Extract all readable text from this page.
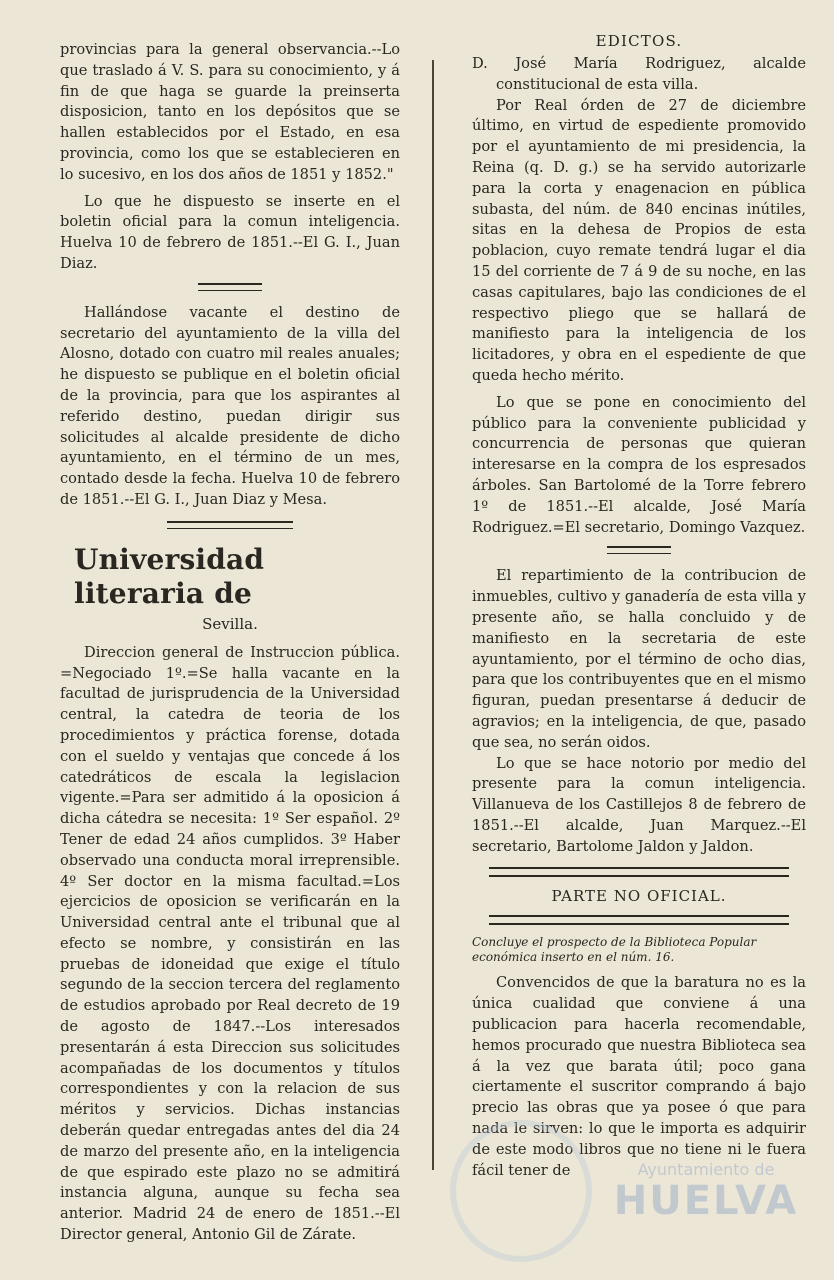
provincias para la general observancia.--Lo que traslado á V. S. para su conocimiento, y á fin de que haga se guarde la preinserta disposicion, tanto en los depósitos que se hallen establecidos por el Estado, en esa provincia, como los que se establecieren en lo sucesivo, en los dos años de 1851 y 1852."

Lo que he dispuesto se inserte en el boletin oficial para la comun inteligencia. Huelva 10 de febrero de 1851.--El G. I., Juan Diaz.

Hallándose vacante el destino de secretario del ayuntamiento de la villa del Alosno, dotado con cuatro mil reales anuales; he dispuesto se publique en el boletin oficial de la provincia, para que los aspirantes al referido destino, puedan dirigir sus solicitudes al alcalde presidente de dicho ayuntamiento, en el término de un mes, contado desde la fecha. Huelva 10 de febrero de 1851.--El G. I., Juan Diaz y Mesa.

Universidad literaria de
Sevilla.

Direccion general de Instruccion pública. =Negociado 1º.=Se halla vacante en la facultad de jurisprudencia de la Universidad central, la catedra de teoria de los procedimientos y práctica forense, dotada con el sueldo y ventajas que concede á los catedráticos de escala la legislacion vigente.=Para ser admitido á la oposicion á dicha cátedra se necesita: 1º Ser español. 2º Tener de edad 24 años cumplidos. 3º Haber observado una conducta moral irreprensible. 4º Ser doctor en la misma facultad.=Los ejercicios de oposicion se verificarán en la Universidad central ante el tribunal que al efecto se nombre, y consistirán en las pruebas de idoneidad que exige el título segundo de la seccion tercera del reglamento de estudios aprobado por Real decreto de 19 de agosto de 1847.--Los interesados presentarán á esta Direccion sus solicitudes acompañadas de los documentos y títulos correspondientes y con la relacion de sus méritos y servicios. Dichas instancias deberán quedar entregadas antes del dia 24 de marzo del presente año, en la inteligencia de que espirado este plazo no se admitirá instancia alguna, aunque su fecha sea anterior. Madrid 24 de enero de 1851.--El Director general, Antonio Gil de Zárate.

EDICTOS.

D. José María Rodriguez, alcalde constitucional de esta villa.

Por Real órden de 27 de diciembre último, en virtud de espediente promovido por el ayuntamiento de mi presidencia, la Reina (q. D. g.) se ha servido autorizarle para la corta y enagenacion en pública subasta, del núm. de 840 encinas inútiles, sitas en la dehesa de Propios de esta poblacion, cuyo remate tendrá lugar el dia 15 del corriente de 7 á 9 de su noche, en las casas capitulares, bajo las condiciones de el respectivo pliego que se hallará de manifiesto para la inteligencia de los licitadores, y obra en el espediente de que queda hecho mérito.

Lo que se pone en conocimiento del público para la conveniente publicidad y concurrencia de personas que quieran interesarse en la compra de los espresados árboles. San Bartolomé de la Torre febrero 1º de 1851.--El alcalde, José María Rodriguez.=El secretario, Domingo Vazquez.

El repartimiento de la contribucion de inmuebles, cultivo y ganadería de esta villa y presente año, se halla concluido y de manifiesto en la secretaria de este ayuntamiento, por el término de ocho dias, para que los contribuyentes que en el mismo figuran, puedan presentarse á deducir de agravios; en la inteligencia, de que, pasado que sea, no serán oidos.

Lo que se hace notorio por medio del presente para la comun inteligencia. Villanueva de los Castillejos 8 de febrero de 1851.--El alcalde, Juan Marquez.--El secretario, Bartolome Jaldon y Jaldon.

PARTE NO OFICIAL.

Concluye el prospecto de la Biblioteca Popular económica inserto en el núm. 16.

Convencidos de que la baratura no es la única cualidad que conviene á una publicacion para hacerla recomendable, hemos procurado que nuestra Biblioteca sea á la vez que barata útil; poco gana ciertamente el suscritor comprando á bajo precio las obras que ya posee ó que para nada le sirven: lo que le importa es adquirir de este modo libros que no tiene ni le fuera fácil tener de	Ayuntamiento de
HUELVA
